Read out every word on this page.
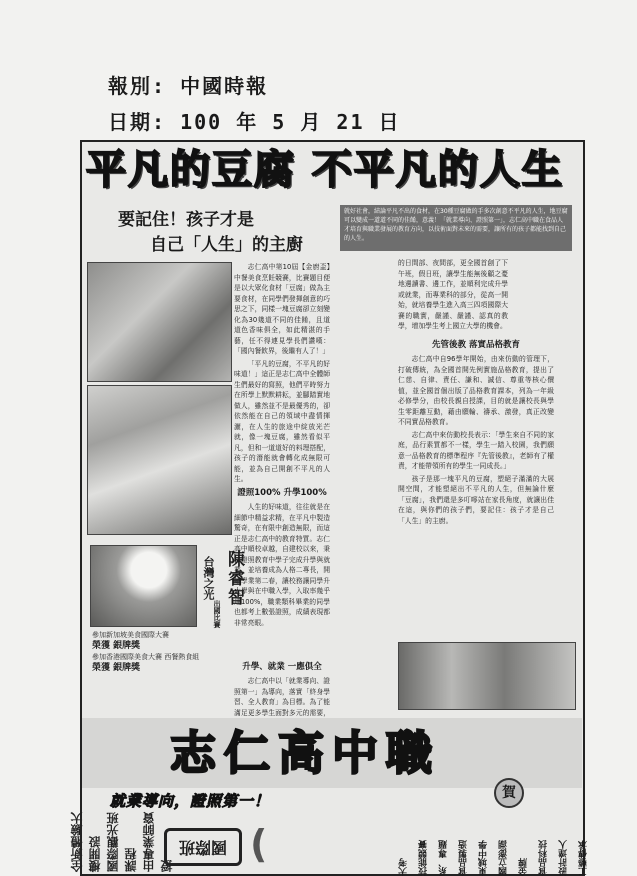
報別: 中國時報
日期: 100 年 5 月 21 日
平凡的豆腐 不平凡的人生
要記住！孩子才是
自己「人生」的主廚
就好社會，結論平凡不出的食材，在30種豆腐做的手多次創意不平凡的人生，地豆腐可以變成一道道不同的佳餚，意義！「就業導向、證照第一」，志仁高中職在食品人才培育與職業發展的教育方向，以技術面對未來的需要，讓所有的孩子都能找到自己的人生。
陳睿智
出國比賽
台灣之光
參加新加坡美食國際大賽
榮獲 銀牌獎
參加香港國際美食大賽 西餐熱食組
榮獲 銀牌獎

志仁高中第10屆【金廚盃】中餐美食烹飪競賽，比賽題目便是以大眾化食材「豆腐」做為主要食材，在同學們發揮創意的巧思之下，同樣一塊豆腐卻立刻變化為30幾道不同的佳餚，且道道色香味俱全，如此精湛的手藝，任不得連見學長們讚嘆：「國內餐飲界，後繼有人了！」

「平凡的豆腐，不平凡的好味道！」這正是志仁高中全體師生們最好的寫照，他們平時努力在所學上默默耕耘，並腳踏實地做人，雖然並不是最優秀的，卻依然能在自己的領域中盡情揮灑，在人生的旅途中綻放光芒就，像一塊豆腐，雖然看似平凡，但和一道道好的料理搭配，孩子的潛能就會轉化成無限可能，並為自己開創不平凡的人生。

證照100% 升學100%

人生的好味道，往往就是在細節中精益求精，在平凡中製造驚奇，在有限中創造無限，而這正是志仁高中的教育特質。志仁高中順校卓越，自建校以來，秉持證照教育中學子完成升學與就業，並培養成為人格二專長，開始學業第二春，讓校務讓同學升大學與在中職入學，入取率幾乎達100%，職業類科畢業的同學也都考上數張證照，成績表現都非常亮眼。

升學、就業 一應俱全

志仁高中以「就業導向、證照第一」為導向，落實「終身學習、全人教育」為目標。為了能滿足更多學生面對多元的需要，

的日間部、夜間部，更全國首創了下午班，假日班，讓學生能無後顧之憂地邊讀書、邊工作，並順利完成升學或就業，而專業科的部分，從高一開始，就培養學生進入高三四項國際大賽的職實，嚴謹、嚴謹、認真的教學，增加學生考上國立大學的機會。

先管後教 落實品格教育

志仁高中自96學年開始，由來仿動的管理下，打破傳統，為全國首開先例實施品格教育，提出了仁慈、自律、責任、謙和、誠信、尊重等核心價值，並全國首個出版了品格教育課本，列為一年級必修學分，由校長親自授課，目的就是讓校長與學生零距離互動，藉由願輪、禱承、激發，真正改變不同實品格教育。

志仁高中來仿動校長表示：「學生來自不同的家庭，品行素質都不一樣，學生一踏入校園，我們願意一品格教育的標準程序『先管後教』，老師有了權責，才能帶領所有的學生一同成長。」

孩子是那一塊平凡的豆腐，塑絕子滿滿的大展開空間，才能塑絕出不平凡的人生，但無論什麼「豆腐」，我們還是多叮嚀站在家長角度，就讓出佳在這，與你們的孩子們，要記住：孩子才是自己「人生」的主廚。

志仁高中職
就業導向，證照第一！	賀
全新體驗大樓開設
國際觀光班課程
由專業師資授
國際班 (	工藝傳承
設計達人
食品科技
金牌
國立澎湖
東城中學
食品製造
系、專題
技能競賽
大考
